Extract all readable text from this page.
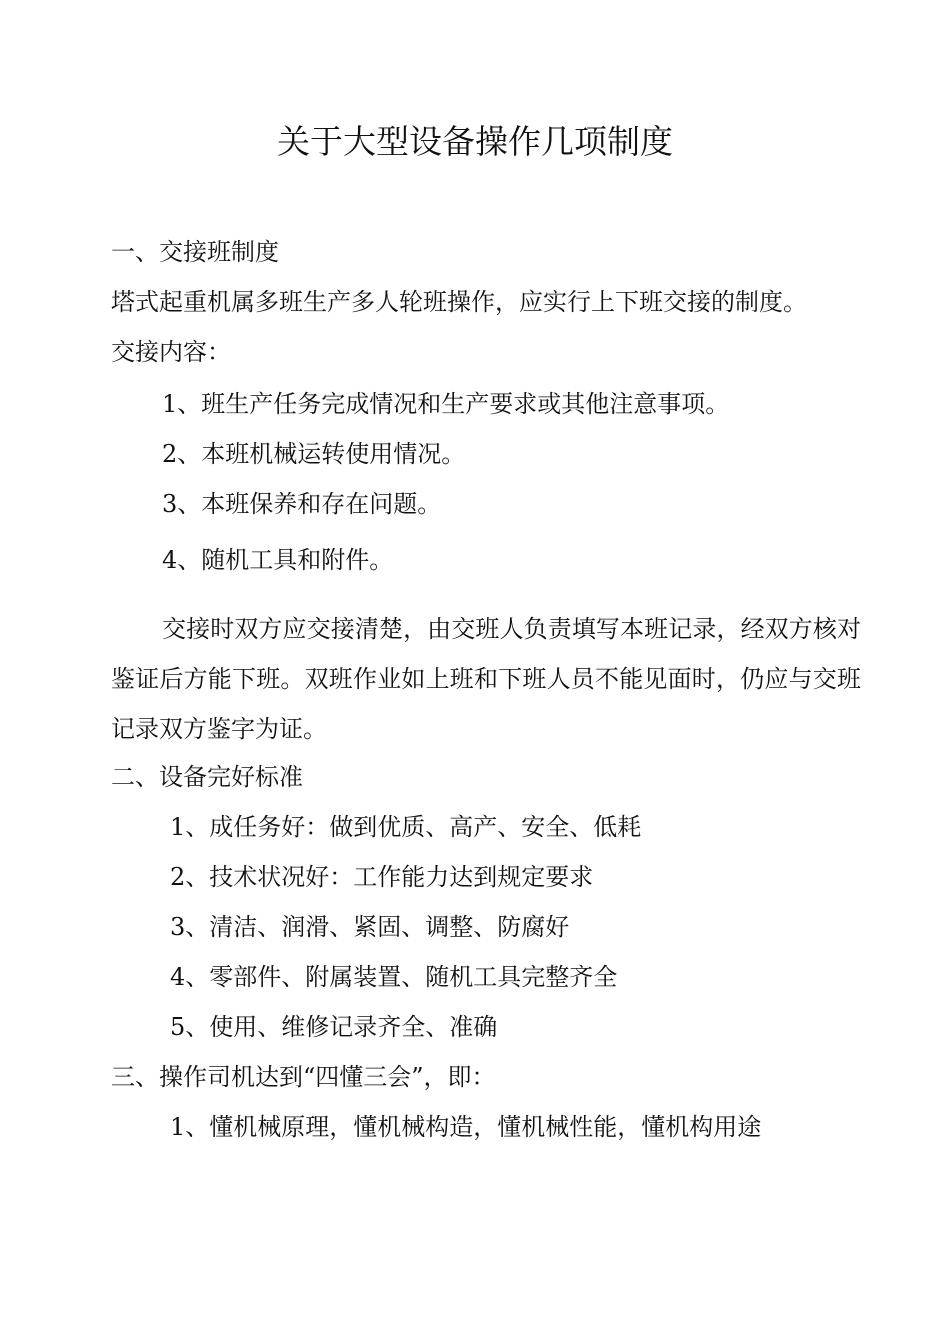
关于大型设备操作几项制度
一、交接班制度
塔式起重机属多班生产多人轮班操作，应实行上下班交接的制度。
交接内容：
1、班生产任务完成情况和生产要求或其他注意事项。
2、本班机械运转使用情况。
3、本班保养和存在问题。
4、随机工具和附件。
交接时双方应交接清楚，由交班人负责填写本班记录，经双方核对鉴证后方能下班。双班作业如上班和下班人员不能见面时，仍应与交班记录双方鉴字为证。
二、设备完好标准
1、成任务好：做到优质、高产、安全、低耗
2、技术状况好：工作能力达到规定要求
3、清洁、润滑、紧固、调整、防腐好
4、零部件、附属装置、随机工具完整齐全
5、使用、维修记录齐全、准确
三、操作司机达到“四懂三会”，即：
1、懂机械原理，懂机械构造，懂机械性能，懂机构用途
